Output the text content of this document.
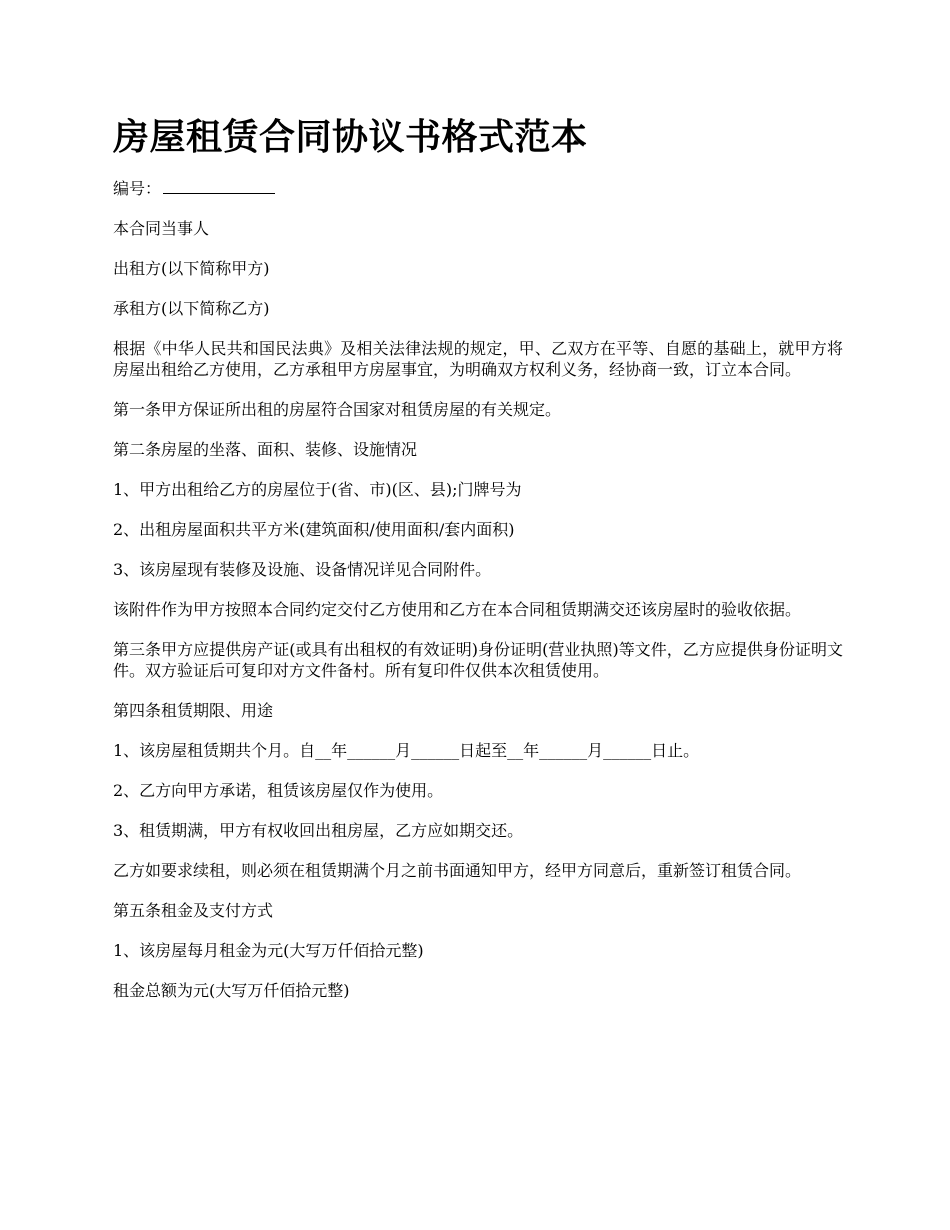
房屋租赁合同协议书格式范本

编号：

本合同当事人

出租方(以下简称甲方)

承租方(以下简称乙方)

根据《中华人民共和国民法典》及相关法律法规的规定，甲、乙双方在平等、自愿的基础上，就甲方将房屋出租给乙方使用，乙方承租甲方房屋事宜，为明确双方权利义务，经协商一致，订立本合同。

第一条甲方保证所出租的房屋符合国家对租赁房屋的有关规定。

第二条房屋的坐落、面积、装修、设施情况

1、甲方出租给乙方的房屋位于(省、市)(区、县);门牌号为

2、出租房屋面积共平方米(建筑面积/使用面积/套内面积)

3、该房屋现有装修及设施、设备情况详见合同附件。

该附件作为甲方按照本合同约定交付乙方使用和乙方在本合同租赁期满交还该房屋时的验收依据。

第三条甲方应提供房产证(或具有出租权的有效证明)身份证明(营业执照)等文件，乙方应提供身份证明文件。双方验证后可复印对方文件备村。所有复印件仅供本次租赁使用。

第四条租赁期限、用途

1、该房屋租赁期共个月。自__年______月______日起至__年______月______日止。

2、乙方向甲方承诺，租赁该房屋仅作为使用。

3、租赁期满，甲方有权收回出租房屋，乙方应如期交还。

乙方如要求续租，则必须在租赁期满个月之前书面通知甲方，经甲方同意后，重新签订租赁合同。

第五条租金及支付方式

1、该房屋每月租金为元(大写万仟佰拾元整)

租金总额为元(大写万仟佰拾元整)
